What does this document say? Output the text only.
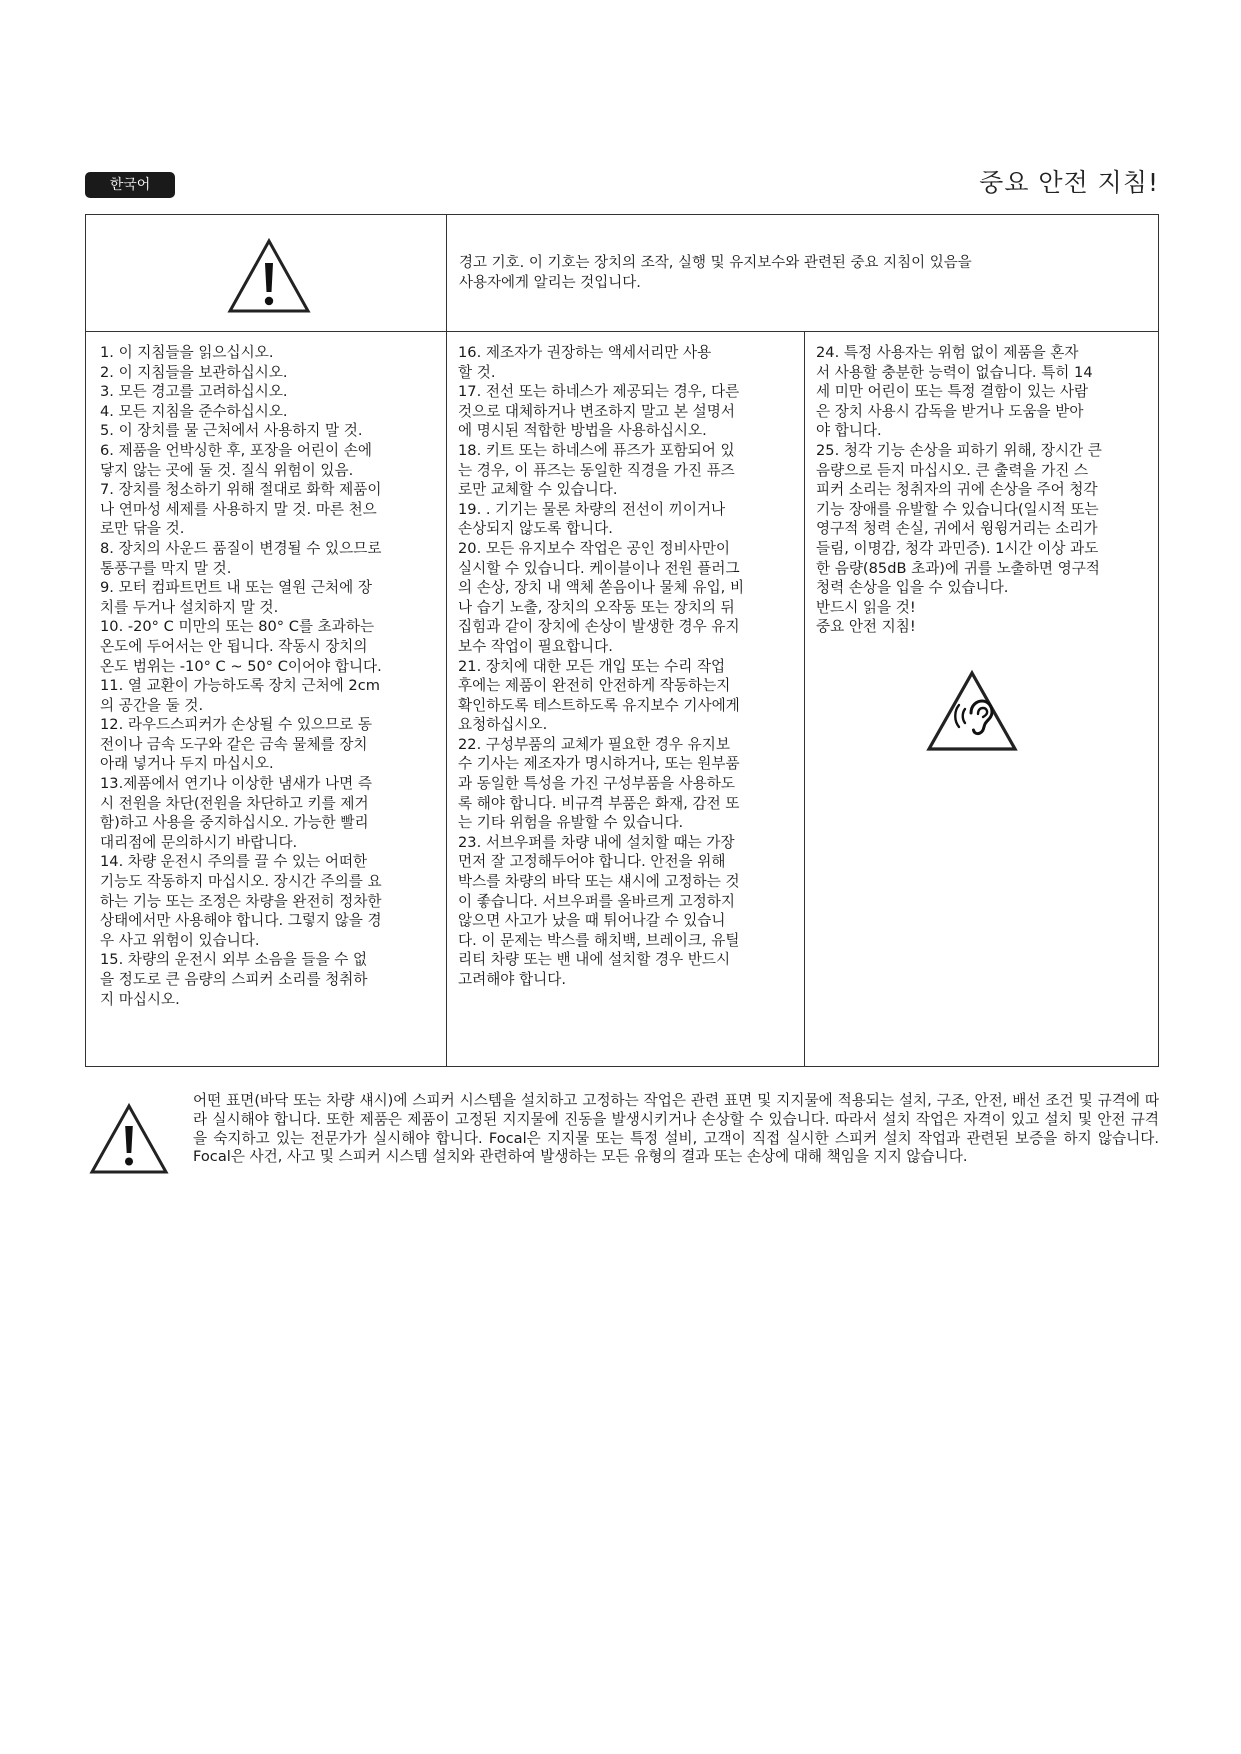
한국어	중요 안전 지침!
경고 기호. 이 기호는 장치의 조작, 실행 및 유지보수와 관련된 중요 지침이 있음을
사용자에게 알리는 것입니다.

1. 이 지침들을 읽으십시오.

2. 이 지침들을 보관하십시오.

3. 모든 경고를 고려하십시오.

4. 모든 지침을 준수하십시오.

5. 이 장치를 물 근처에서 사용하지 말 것.

6. 제품을 언박싱한 후, 포장을 어린이 손에

닿지 않는 곳에 둘 것. 질식 위험이 있음.

7. 장치를 청소하기 위해 절대로 화학 제품이

나 연마성 세제를 사용하지 말 것. 마른 천으

로만 닦을 것.

8. 장치의 사운드 품질이 변경될 수 있으므로

통풍구를 막지 말 것.

9. 모터 컴파트먼트 내 또는 열원 근처에 장

치를 두거나 설치하지 말 것.

10. -20° C 미만의 또는 80° C를 초과하는

온도에 두어서는 안 됩니다. 작동시 장치의

온도 범위는 -10° C ~ 50° C이어야 합니다.

11. 열 교환이 가능하도록 장치 근처에 2cm

의 공간을 둘 것.

12. 라우드스피커가 손상될 수 있으므로 동

전이나 금속 도구와 같은 금속 물체를 장치

아래 넣거나 두지 마십시오.

13.제품에서 연기나 이상한 냄새가 나면 즉

시 전원을 차단(전원을 차단하고 키를 제거

함)하고 사용을 중지하십시오. 가능한 빨리

대리점에 문의하시기 바랍니다.

14. 차량 운전시 주의를 끌 수 있는 어떠한

기능도 작동하지 마십시오. 장시간 주의를 요

하는 기능 또는 조정은 차량을 완전히 정차한

상태에서만 사용해야 합니다. 그렇지 않을 경

우 사고 위험이 있습니다.

15. 차량의 운전시 외부 소음을 들을 수 없

을 정도로 큰 음량의 스피커 소리를 청취하

지 마십시오.

16. 제조자가 권장하는 액세서리만 사용

할 것.

17. 전선 또는 하네스가 제공되는 경우, 다른

것으로 대체하거나 변조하지 말고 본 설명서

에 명시된 적합한 방법을 사용하십시오.

18. 키트 또는 하네스에 퓨즈가 포함되어 있

는 경우, 이 퓨즈는 동일한 직경을 가진 퓨즈

로만 교체할 수 있습니다.

19. . 기기는 물론 차량의 전선이 끼이거나

손상되지 않도록 합니다.

20. 모든 유지보수 작업은 공인 정비사만이

실시할 수 있습니다. 케이블이나 전원 플러그

의 손상, 장치 내 액체 쏟음이나 물체 유입, 비

나 습기 노출, 장치의 오작동 또는 장치의 뒤

집힘과 같이 장치에 손상이 발생한 경우 유지

보수 작업이 필요합니다.

21. 장치에 대한 모든 개입 또는 수리 작업

후에는 제품이 완전히 안전하게 작동하는지

확인하도록 테스트하도록 유지보수 기사에게

요청하십시오.

22. 구성부품의 교체가 필요한 경우 유지보

수 기사는 제조자가 명시하거나, 또는 원부품

과 동일한 특성을 가진 구성부품을 사용하도

록 해야 합니다. 비규격 부품은 화재, 감전 또

는 기타 위험을 유발할 수 있습니다.

23. 서브우퍼를 차량 내에 설치할 때는 가장

먼저 잘 고정해두어야 합니다. 안전을 위해

박스를 차량의 바닥 또는 섀시에 고정하는 것

이 좋습니다. 서브우퍼를 올바르게 고정하지

않으면 사고가 났을 때 튀어나갈 수 있습니

다. 이 문제는 박스를 해치백, 브레이크, 유틸

리티 차량 또는 밴 내에 설치할 경우 반드시

고려해야 합니다.

24. 특정 사용자는 위험 없이 제품을 혼자

서 사용할 충분한 능력이 없습니다. 특히 14

세 미만 어린이 또는 특정 결함이 있는 사람

은 장치 사용시 감독을 받거나 도움을 받아

야 합니다.

25. 청각 기능 손상을 피하기 위해, 장시간 큰

음량으로 듣지 마십시오. 큰 출력을 가진 스

피커 소리는 청취자의 귀에 손상을 주어 청각

기능 장애를 유발할 수 있습니다(일시적 또는

영구적 청력 손실, 귀에서 윙윙거리는 소리가

들림, 이명감, 청각 과민증). 1시간 이상 과도

한 음량(85dB 초과)에 귀를 노출하면 영구적

청력 손상을 입을 수 있습니다.

반드시 읽을 것!

중요 안전 지침!

어떤 표면(바닥 또는 차량 섀시)에 스피커 시스템을 설치하고 고정하는 작업은 관련 표면 및 지지물에 적용되는 설치, 구조, 안전, 배선 조건 및 규격에 따라 실시해야 합니다. 또한 제품은 제품이 고정된 지지물에 진동을 발생시키거나 손상할 수 있습니다. 따라서 설치 작업은 자격이 있고 설치 및 안전 규격을 숙지하고 있는 전문가가 실시해야 합니다. Focal은 지지물 또는 특정 설비, 고객이 직접 실시한 스피커 설치 작업과 관련된 보증을 하지 않습니다. Focal은 사건, 사고 및 스피커 시스템 설치와 관련하여 발생하는 모든 유형의 결과 또는 손상에 대해 책임을 지지 않습니다.
